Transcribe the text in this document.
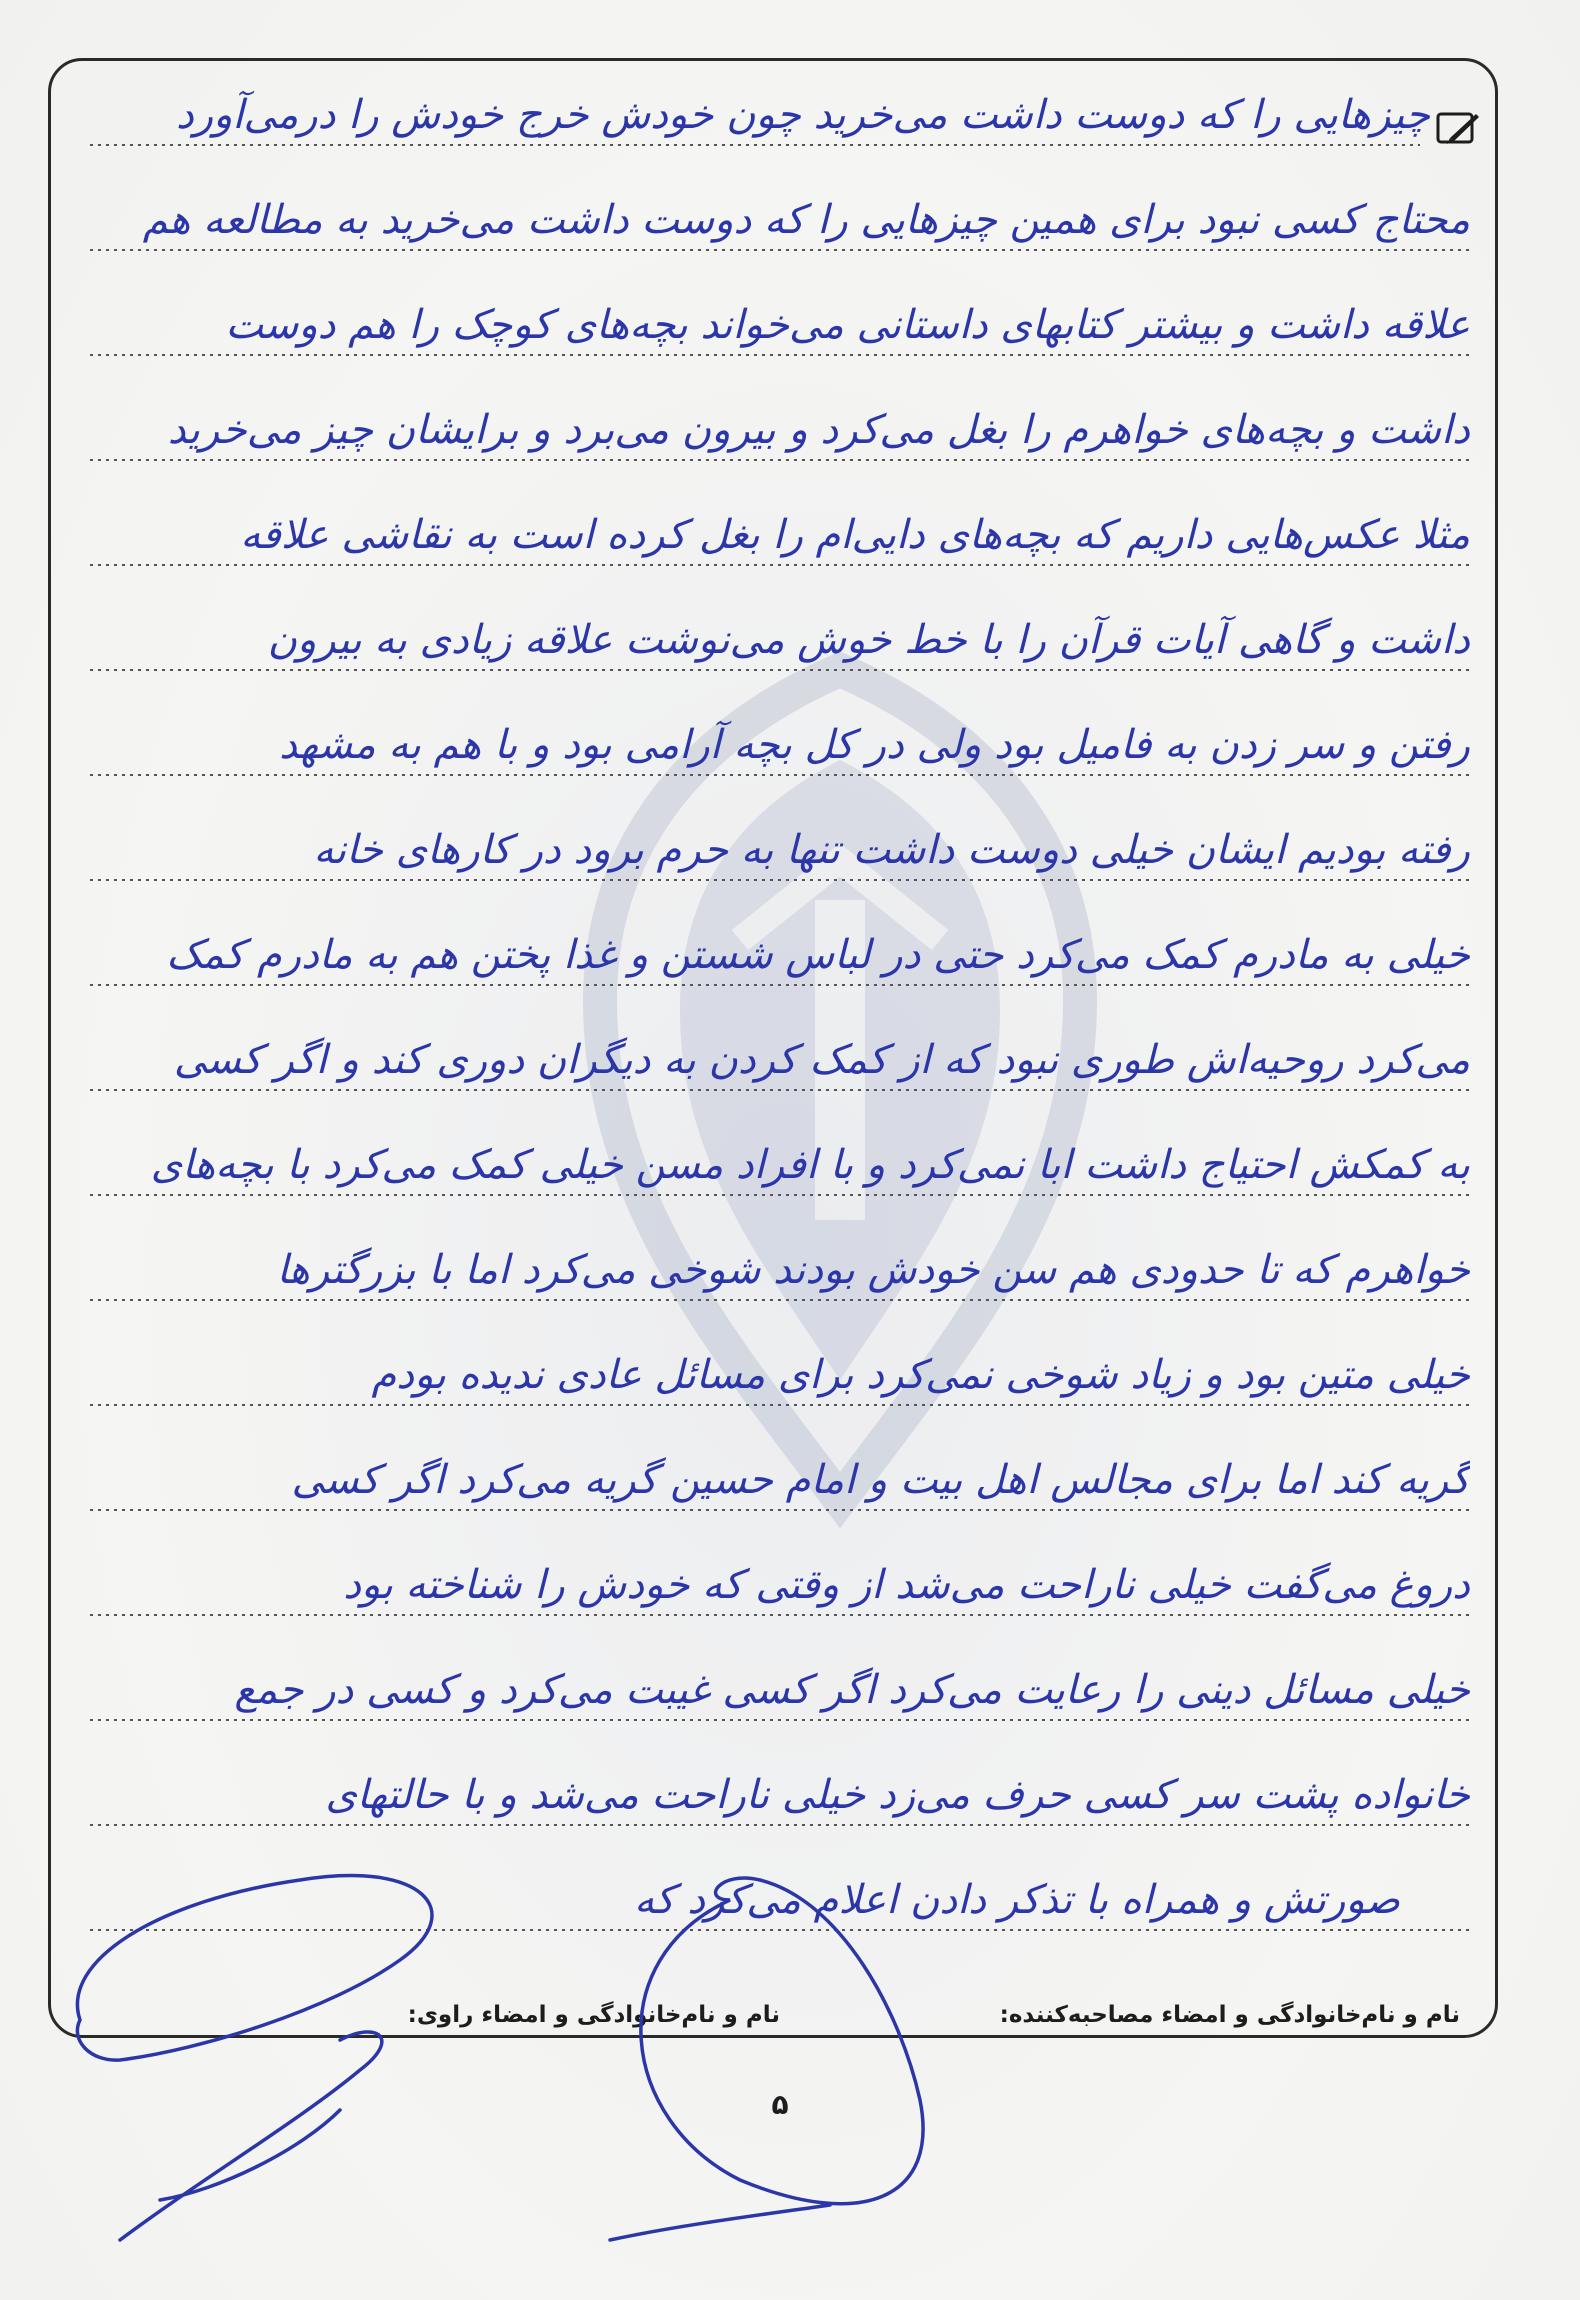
چیزهایی را که دوست داشت می‌خرید چون خودش خرج خودش را درمی‌آورد
محتاج کسی نبود برای همین چیزهایی را که دوست داشت می‌خرید به مطالعه هم
علاقه داشت و بیشتر کتابهای داستانی می‌خواند بچه‌های کوچک را هم دوست
داشت و بچه‌های خواهرم را بغل می‌کرد و بیرون می‌برد و برایشان چیز می‌خرید
مثلا عکس‌هایی داریم که بچه‌های دایی‌ام را بغل کرده است به نقاشی علاقه
داشت و گاهی آیات قرآن را با خط خوش می‌نوشت علاقه زیادی به بیرون
رفتن و سر زدن به فامیل بود ولی در کل بچه آرامی بود و با هم به مشهد
رفته بودیم ایشان خیلی دوست داشت تنها به حرم برود در کارهای خانه
خیلی به مادرم کمک می‌کرد حتی در لباس شستن و غذا پختن هم به مادرم کمک
می‌کرد روحیه‌اش طوری نبود که از کمک کردن به دیگران دوری کند و اگر کسی
به کمکش احتیاج داشت ابا نمی‌کرد و با افراد مسن خیلی کمک می‌کرد با بچه‌های
خواهرم که تا حدودی هم سن خودش بودند شوخی می‌کرد اما با بزرگترها
خیلی متین بود و زیاد شوخی نمی‌کرد برای مسائل عادی ندیده بودم
گریه کند اما برای مجالس اهل بیت و امام حسین گریه می‌کرد اگر کسی
دروغ می‌گفت خیلی ناراحت می‌شد از وقتی که خودش را شناخته بود
خیلی مسائل دینی را رعایت می‌کرد اگر کسی غیبت می‌کرد و کسی در جمع
خانواده پشت سر کسی حرف می‌زد خیلی ناراحت می‌شد و با حالتهای
صورتش و همراه با تذکر دادن اعلام می‌کرد که
نام و نام‌خانوادگی و امضاء مصاحبه‌کننده:
نام و نام‌خانوادگی و امضاء راوی:
۵
